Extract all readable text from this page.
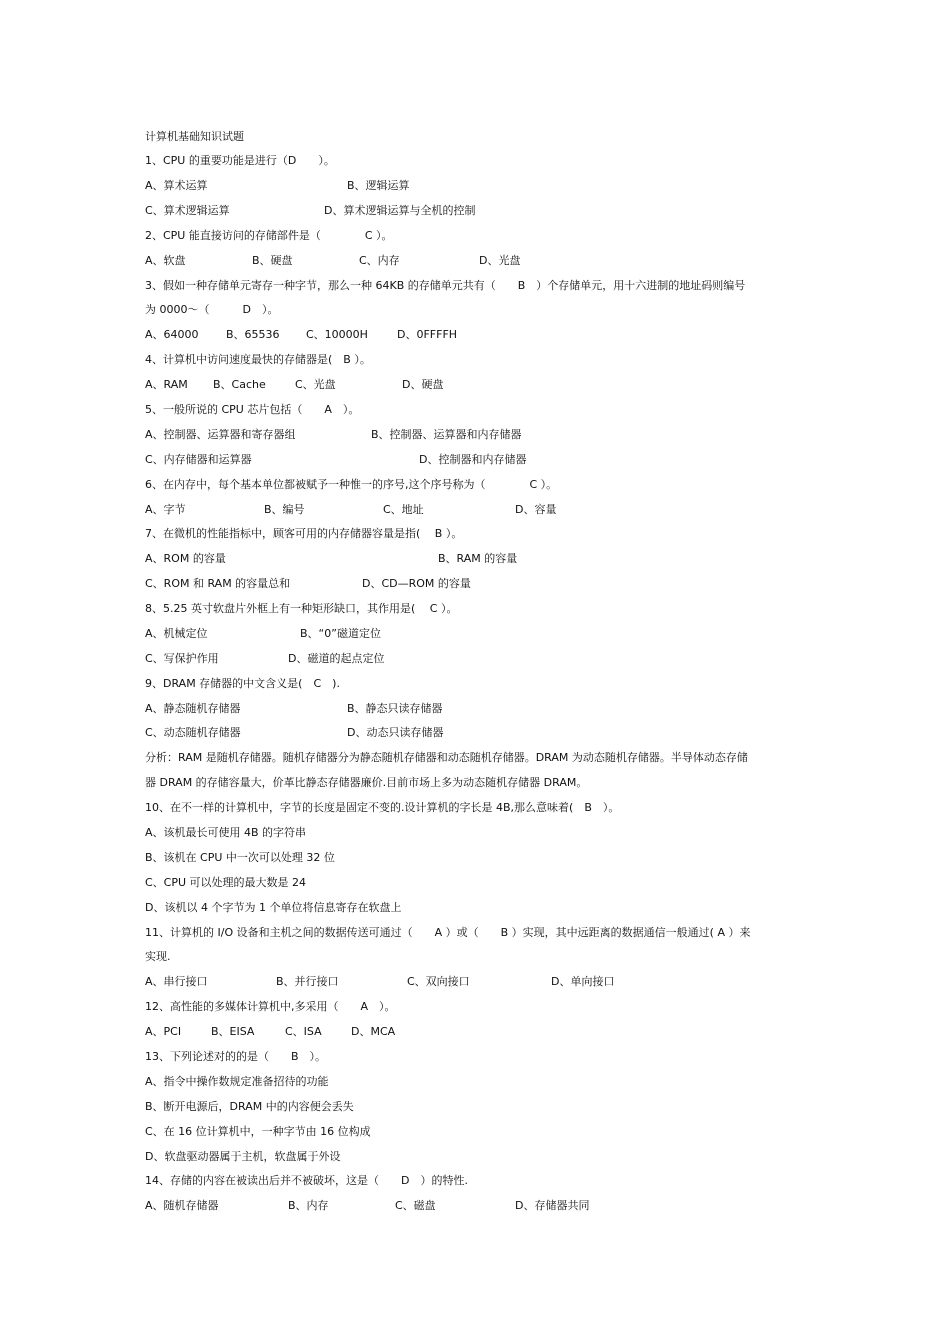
计算机基础知识试题
1、CPU 的重要功能是进行（D　　）。
A、算术运算	B、逻辑运算
C、算术逻辑运算	D、算术逻辑运算与全机的控制
2、CPU 能直接访问的存储部件是（　　　　C ）。
A、软盘	B、硬盘	C、内存	D、光盘
3、假如一种存储单元寄存一种字节，那么一种 64KB 的存储单元共有（　　B　）个存储单元，用十六进制的地址码则编号
为 0000～（　　　D　）。
A、64000 B、65536 C、10000H	D、0FFFFH
4、计算机中访问速度最快的存储器是(　B ）。
A、RAM B、Cache	C、光盘	D、硬盘
5、一般所说的 CPU 芯片包括（　　A　）。
A、控制器、运算器和寄存器组	B、控制器、运算器和内存储器
C、内存储器和运算器	D、控制器和内存储器
6、在内存中，每个基本单位都被赋予一种惟一的序号,这个序号称为（　　　　C ）。
A、字节	B、编号	C、地址	D、容量
7、在微机的性能指标中，顾客可用的内存储器容量是指(　 B ）。
A、ROM 的容量	B、RAM 的容量
C、ROM 和 RAM 的容量总和	D、CD—ROM 的容量
8、5.25 英寸软盘片外框上有一种矩形缺口，其作用是(　 C ）。
A、机械定位	B、“0”磁道定位
C、写保护作用	D、磁道的起点定位
9、DRAM 存储器的中文含义是(　C　).
A、静态随机存储器	B、静态只读存储器
C、动态随机存储器	D、动态只读存储器
分析：RAM 是随机存储器。随机存储器分为静态随机存储器和动态随机存储器。DRAM 为动态随机存储器。半导体动态存储
器 DRAM 的存储容量大，价革比静态存储器廉价.目前市场上多为动态随机存储器 DRAM。
10、在不一样的计算机中，字节的长度是固定不变的.设计算机的字长是 4B,那么意味着(　B　）。
A、该机最长可使用 4B 的字符串
B、该机在 CPU 中一次可以处理 32 位
C、CPU 可以处理的最大数是 24
D、该机以 4 个字节为 1 个单位将信息寄存在软盘上
11、计算机的 I/O 设备和主机之间的数据传送可通过（　　A ）或（　　B ）实现，其中远距离的数据通信一般通过( A ）来
实现.
A、串行接口	B、并行接口	C、双向接口	D、单向接口
12、高性能的多媒体计算机中,多采用（　　A　）。
A、PCI	B、EISA	C、ISA	D、MCA
13、下列论述对的的是（　　B　）。
A、指令中操作数规定准备招待的功能
B、断开电源后，DRAM 中的内容便会丢失
C、在 16 位计算机中，一种字节由 16 位构成
D、软盘驱动器属于主机，软盘属于外设
14、存储的内容在被读出后并不被破坏，这是（　　D　）的特性.
A、随机存储器	B、内存	C、磁盘	D、存储器共同
